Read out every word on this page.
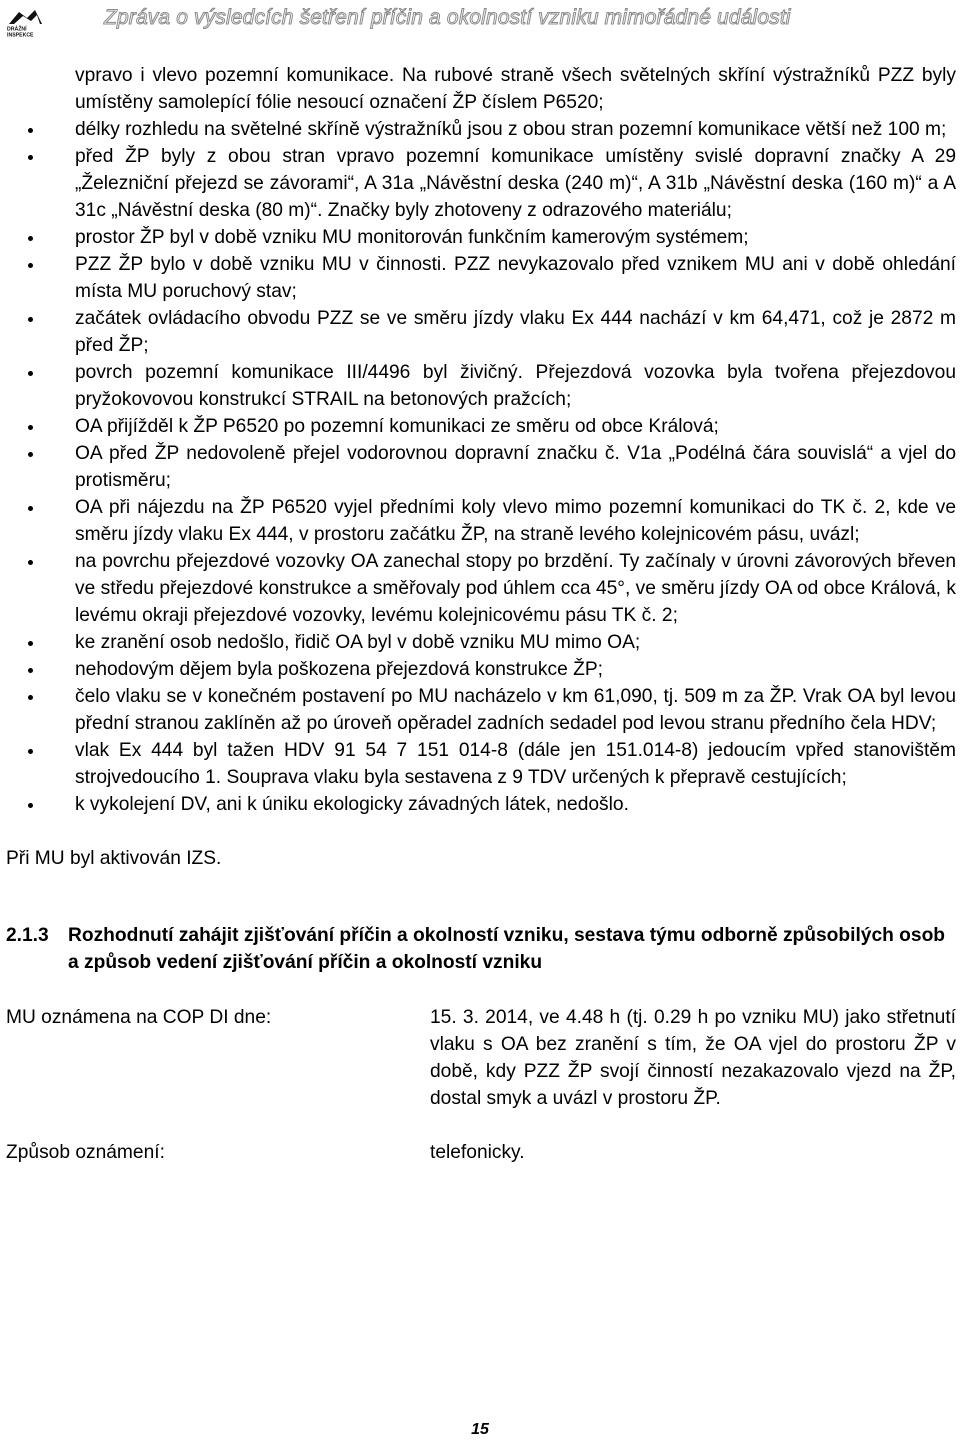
DRÁŽNÍ
INSPEKCE
Zpráva o výsledcích šetření příčin a okolností vzniku mimořádné události
vpravo i vlevo pozemní komunikace. Na rubové straně všech světelných skříní výstražníků PZZ byly umístěny samolepící fólie nesoucí označení ŽP číslem P6520;
délky rozhledu na světelné skříně výstražníků jsou z obou stran pozemní komunikace větší než 100 m;
před ŽP byly z obou stran vpravo pozemní komunikace umístěny svislé dopravní značky A 29 „Železniční přejezd se závorami“, A 31a „Návěstní deska (240 m)“, A 31b „Návěstní deska (160 m)“ a A 31c „Návěstní deska (80 m)“. Značky byly zhotoveny z odrazového materiálu;
prostor ŽP byl v době vzniku MU monitorován funkčním kamerovým systémem;
PZZ ŽP bylo v době vzniku MU v činnosti. PZZ nevykazovalo před vznikem MU ani v době ohledání místa MU poruchový stav;
začátek ovládacího obvodu PZZ se ve směru jízdy vlaku Ex 444 nachází v km 64,471, což je 2872 m před ŽP;
povrch pozemní komunikace III/4496 byl živičný. Přejezdová vozovka byla tvořena přejezdovou pryžokovovou konstrukcí STRAIL na betonových pražcích;
OA přijížděl k ŽP P6520 po pozemní komunikaci ze směru od obce Králová;
OA před ŽP nedovoleně přejel vodorovnou dopravní značku č. V1a „Podélná čára souvislá“ a vjel do protisměru;
OA při nájezdu na ŽP P6520 vyjel předními koly vlevo mimo pozemní komunikaci do TK č. 2, kde ve směru jízdy vlaku Ex 444, v prostoru začátku ŽP, na straně levého kolejnicovém pásu, uvázl;
na povrchu přejezdové vozovky OA zanechal stopy po brzdění. Ty začínaly v úrovni závorových břeven ve středu přejezdové konstrukce a směřovaly pod úhlem cca 45°, ve směru jízdy OA od obce Králová, k levému okraji přejezdové vozovky, levému kolejnicovému pásu TK č. 2;
ke zranění osob nedošlo, řidič OA byl v době vzniku MU mimo OA;
nehodovým dějem byla poškozena přejezdová konstrukce ŽP;
čelo vlaku se v konečném postavení po MU nacházelo v km 61,090, tj. 509 m za ŽP. Vrak OA byl levou přední stranou zaklíněn až po úroveň opěradel zadních sedadel pod levou stranu předního čela HDV;
vlak Ex 444 byl tažen HDV 91 54 7 151 014-8 (dále jen 151.014-8) jedoucím vpřed stanovištěm strojvedoucího 1. Souprava vlaku byla sestavena z 9 TDV určených k přepravě cestujících;
k vykolejení DV, ani k úniku ekologicky závadných látek, nedošlo.
Při MU byl aktivován IZS.
2.1.3 Rozhodnutí zahájit zjišťování příčin a okolností vzniku, sestava týmu odborně způsobilých osob a způsob vedení zjišťování příčin a okolností vzniku
MU oznámena na COP DI dne:	15. 3. 2014, ve 4.48 h (tj. 0.29 h po vzniku MU) jako střetnutí vlaku s OA bez zranění s tím, že OA vjel do prostoru ŽP v době, kdy PZZ ŽP svojí činností nezakazovalo vjezd na ŽP, dostal smyk a uvázl v prostoru ŽP.
Způsob oznámení:	telefonicky.
15
